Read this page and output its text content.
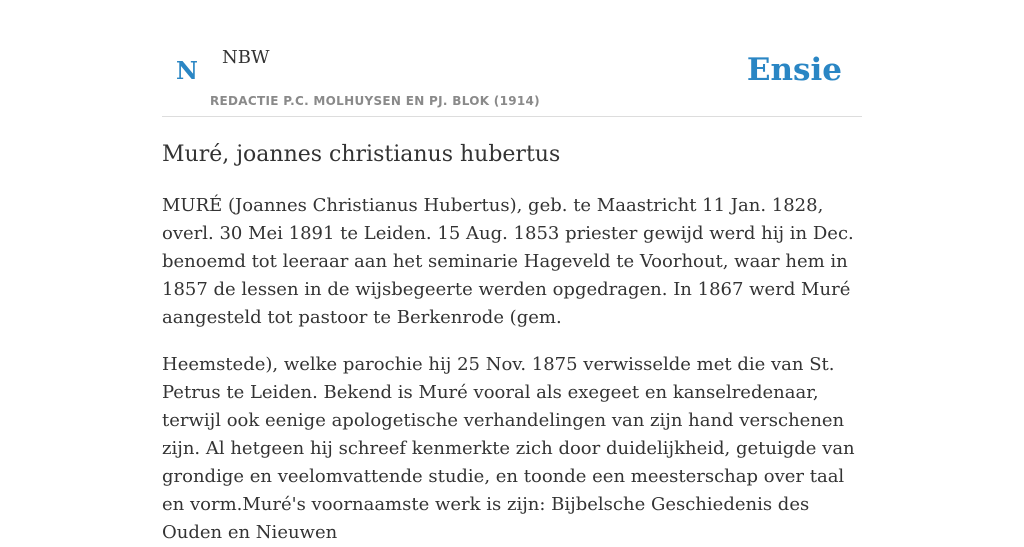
N NBW
REDACTIE P.C. MOLHUYSEN EN PJ. BLOK (1914)
Ensie
Muré, joannes christianus hubertus

MURÉ (Joannes Christianus Hubertus), geb. te Maastricht 11 Jan. 1828, overl. 30 Mei 1891 te Leiden. 15 Aug. 1853 priester gewijd werd hij in Dec. benoemd tot leeraar aan het seminarie Hageveld te Voorhout, waar hem in 1857 de lessen in de wijsbegeerte werden opgedragen. In 1867 werd Muré aangesteld tot pastoor te Berkenrode (gem.

Heemstede), welke parochie hij 25 Nov. 1875 verwisselde met die van St. Petrus te Leiden. Bekend is Muré vooral als exegeet en kanselredenaar, terwijl ook eenige apologetische verhandelingen van zijn hand verschenen zijn. Al hetgeen hij schreef kenmerkte zich door duidelijkheid, getuigde van grondige en veelomvattende studie, en toonde een meesterschap over taal en vorm.Muré's voornaamste werk is zijn: Bijbelsche Geschiedenis des Ouden en Nieuwen
